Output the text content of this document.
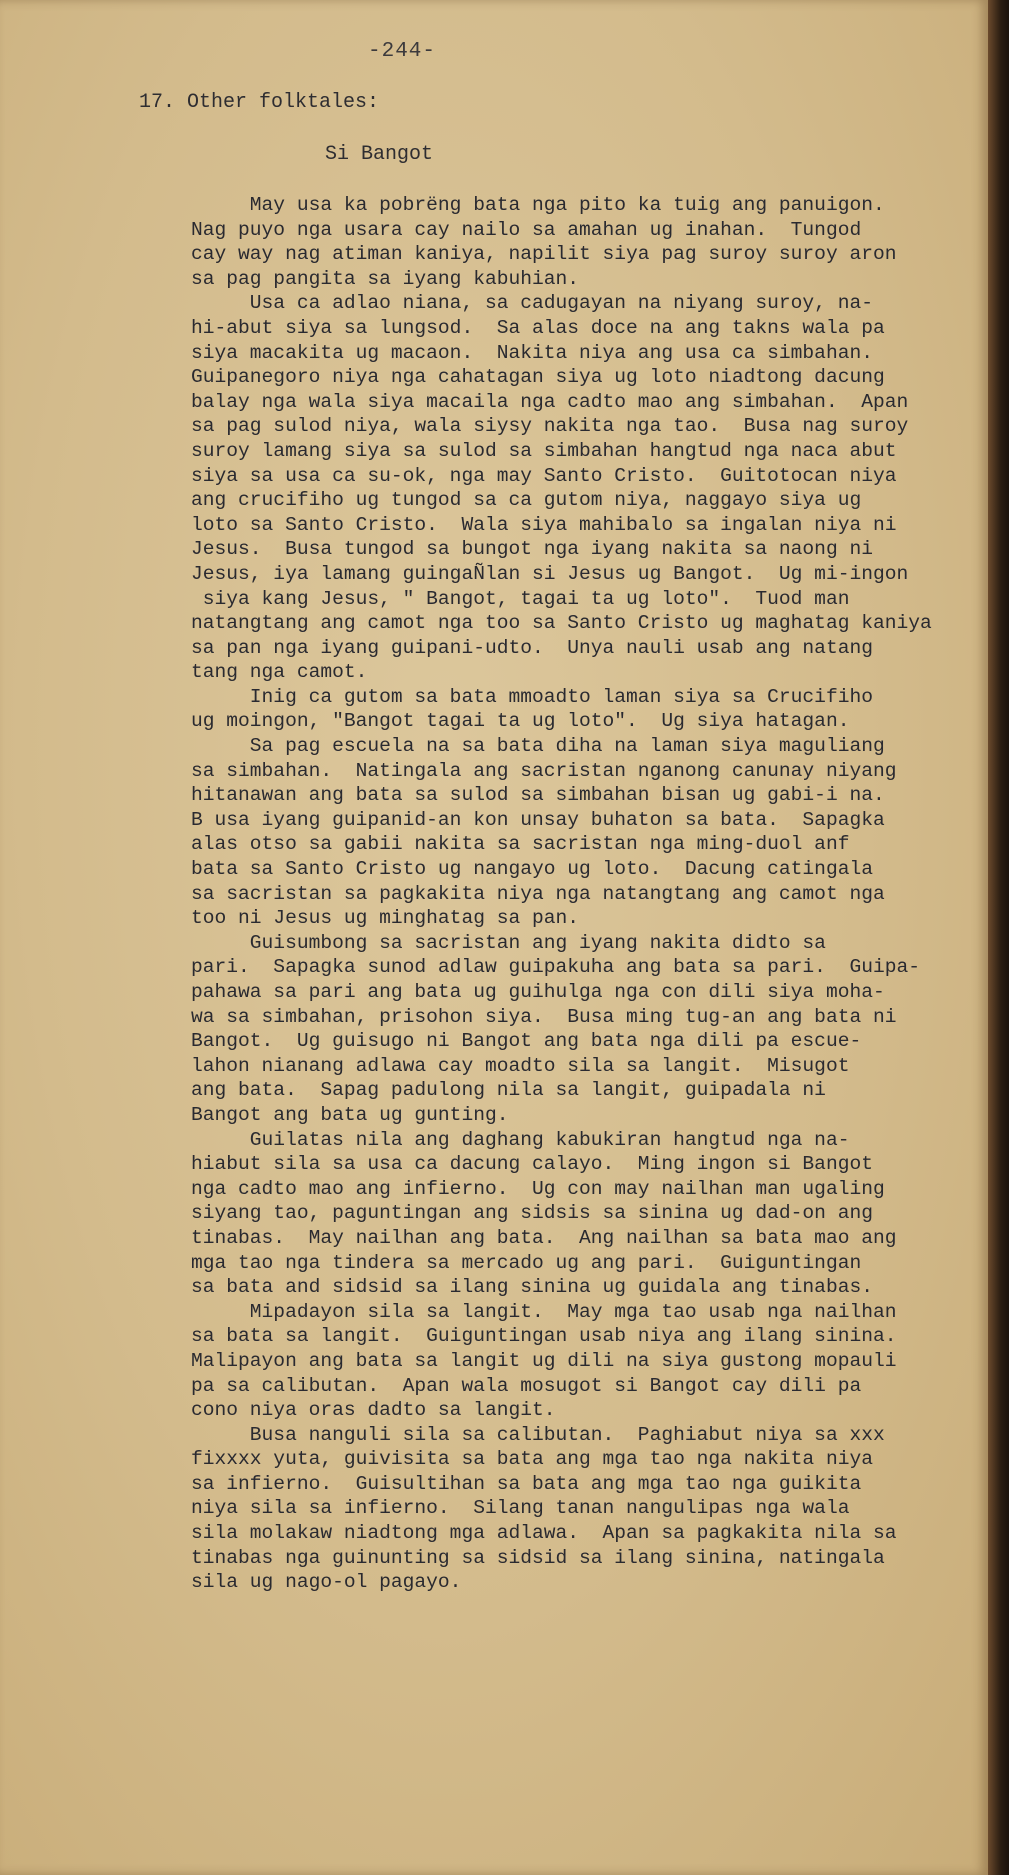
-244-
17. Other folktales:
Si Bangot
May usa ka pobrëng bata nga pito ka tuig ang panuigon.
Nag puyo nga usara cay nailo sa amahan ug inahan.  Tungod
cay way nag atiman kaniya, napilit siya pag suroy suroy aron
sa pag pangita sa iyang kabuhian.
Usa ca adlao niana, sa cadugayan na niyang suroy, na-
hi-abut siya sa lungsod.  Sa alas doce na ang takns wala pa
siya macakita ug macaon.  Nakita niya ang usa ca simbahan.
Guipanegoro niya nga cahatagan siya ug loto niadtong dacung
balay nga wala siya macaila nga cadto mao ang simbahan.  Apan
sa pag sulod niya, wala siysy nakita nga tao.  Busa nag suroy
suroy lamang siya sa sulod sa simbahan hangtud nga naca abut
siya sa usa ca su-ok, nga may Santo Cristo.  Guitotocan niya
ang crucifiho ug tungod sa ca gutom niya, naggayo siya ug
loto sa Santo Cristo.  Wala siya mahibalo sa ingalan niya ni
Jesus.  Busa tungod sa bungot nga iyang nakita sa naong ni
Jesus, iya lamang guingaÑlan si Jesus ug Bangot.  Ug mi-ingon
siya kang Jesus, " Bangot, tagai ta ug loto".  Tuod man
natangtang ang camot nga too sa Santo Cristo ug maghatag kaniya
sa pan nga iyang guipani-udto.  Unya nauli usab ang natang
tang nga camot.
Inig ca gutom sa bata mmoadto laman siya sa Crucifiho
ug moingon, "Bangot tagai ta ug loto".  Ug siya hatagan.
Sa pag escuela na sa bata diha na laman siya maguliang
sa simbahan.  Natingala ang sacristan nganong canunay niyang
hitanawan ang bata sa sulod sa simbahan bisan ug gabi-i na.
B usa iyang guipanid-an kon unsay buhaton sa bata.  Sapagka
alas otso sa gabii nakita sa sacristan nga ming-duol anf
bata sa Santo Cristo ug nangayo ug loto.  Dacung catingala
sa sacristan sa pagkakita niya nga natangtang ang camot nga
too ni Jesus ug minghatag sa pan.
Guisumbong sa sacristan ang iyang nakita didto sa
pari.  Sapagka sunod adlaw guipakuha ang bata sa pari.  Guipa-
pahawa sa pari ang bata ug guihulga nga con dili siya moha-
wa sa simbahan, prisohon siya.  Busa ming tug-an ang bata ni
Bangot.  Ug guisugo ni Bangot ang bata nga dili pa escue-
lahon nianang adlawa cay moadto sila sa langit.  Misugot
ang bata.  Sapag padulong nila sa langit, guipadala ni
Bangot ang bata ug gunting.
Guilatas nila ang daghang kabukiran hangtud nga na-
hiabut sila sa usa ca dacung calayo.  Ming ingon si Bangot
nga cadto mao ang infierno.  Ug con may nailhan man ugaling
siyang tao, paguntingan ang sidsis sa sinina ug dad-on ang
tinabas.  May nailhan ang bata.  Ang nailhan sa bata mao ang
mga tao nga tindera sa mercado ug ang pari.  Guiguntingan
sa bata and sidsid sa ilang sinina ug guidala ang tinabas.
Mipadayon sila sa langit.  May mga tao usab nga nailhan
sa bata sa langit.  Guiguntingan usab niya ang ilang sinina.
Malipayon ang bata sa langit ug dili na siya gustong mopauli
pa sa calibutan.  Apan wala mosugot si Bangot cay dili pa
cono niya oras dadto sa langit.
Busa nanguli sila sa calibutan.  Paghiabut niya sa xxx
fixxxx yuta, guivisita sa bata ang mga tao nga nakita niya
sa infierno.  Guisultihan sa bata ang mga tao nga guikita
niya sila sa infierno.  Silang tanan nangulipas nga wala
sila molakaw niadtong mga adlawa.  Apan sa pagkakita nila sa
tinabas nga guinunting sa sidsid sa ilang sinina, natingala
sila ug nago-ol pagayo.
